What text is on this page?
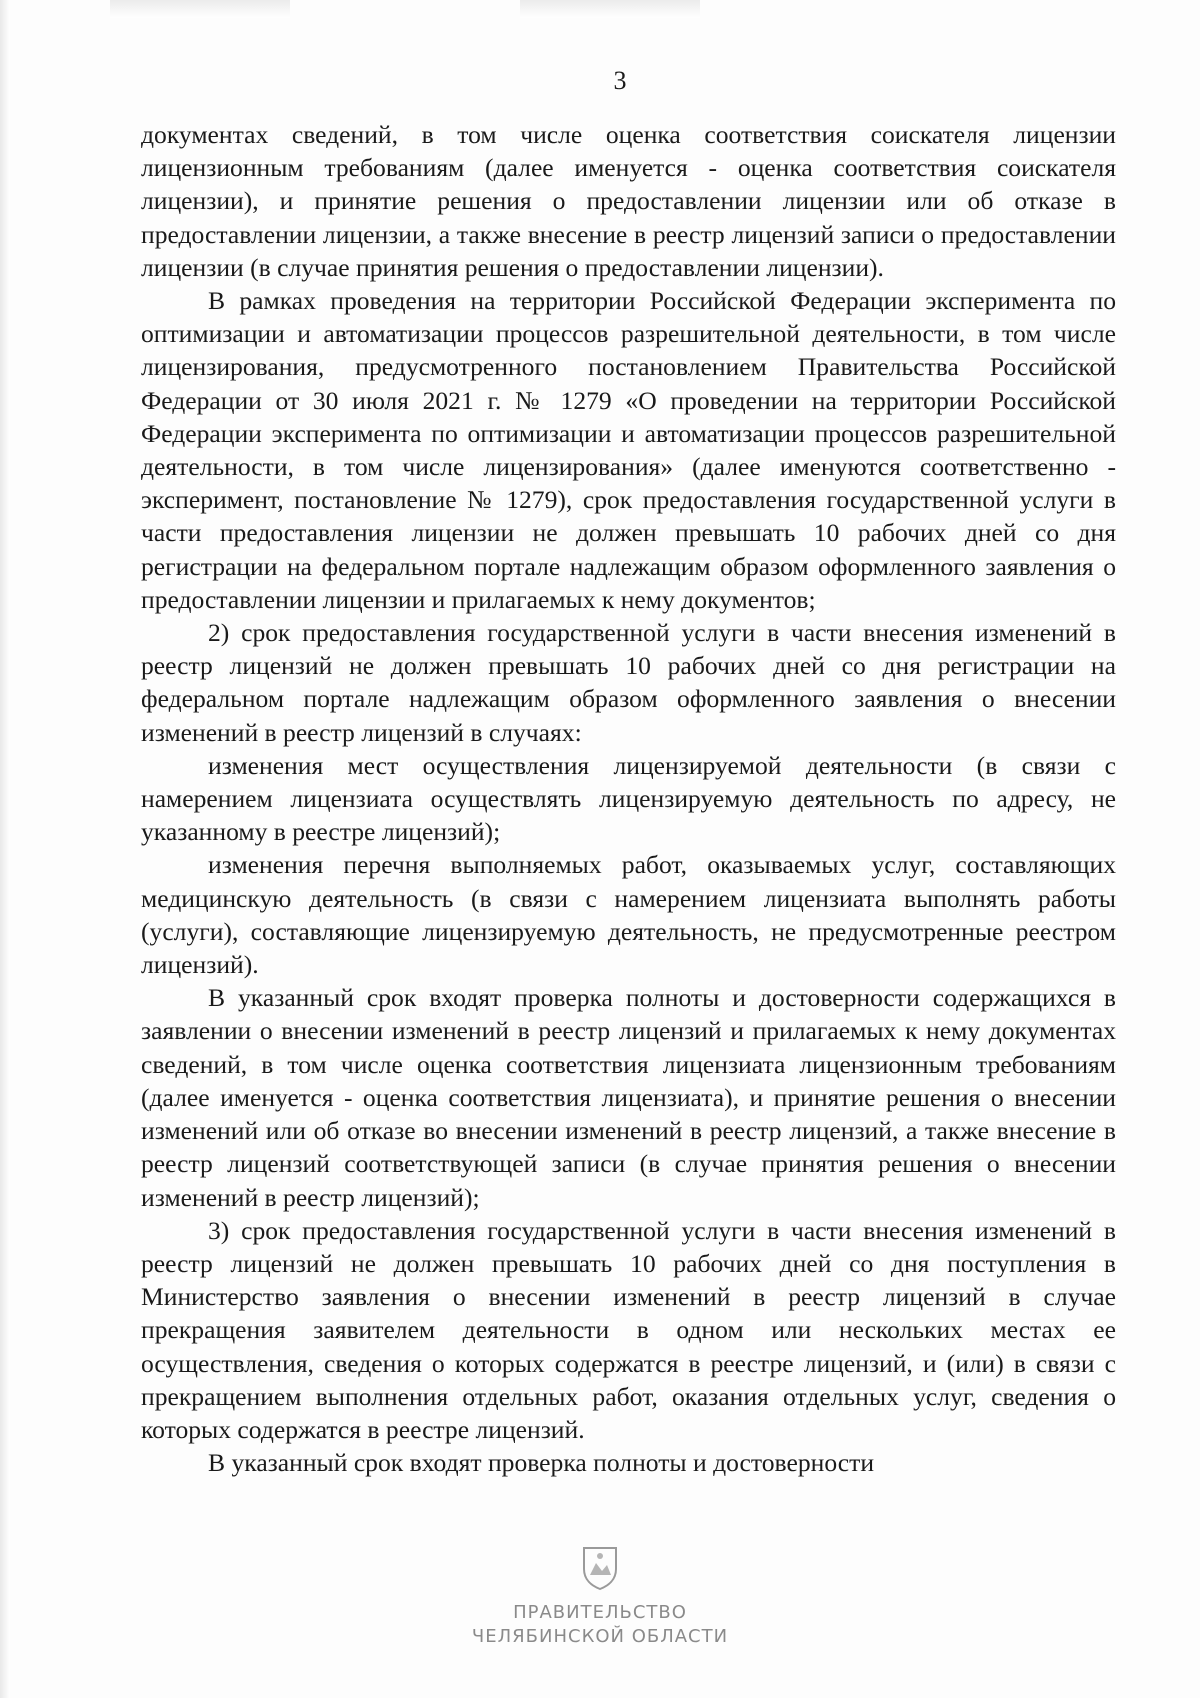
3

документах сведений, в том числе оценка соответствия соискателя лицензии лицензионным требованиям (далее именуется - оценка соответствия соискателя лицензии), и принятие решения о предоставлении лицензии или об отказе в предоставлении лицензии, а также внесение в реестр лицензий записи о предоставлении лицензии (в случае принятия решения о предоставлении лицензии).

В рамках проведения на территории Российской Федерации эксперимента по оптимизации и автоматизации процессов разрешительной деятельности, в том числе лицензирования, предусмотренного постановлением Правительства Российской Федерации от 30 июля 2021 г. № 1279 «О проведении на территории Российской Федерации эксперимента по оптимизации и автоматизации процессов разрешительной деятельности, в том числе лицензирования» (далее именуются соответственно - эксперимент, постановление № 1279), срок предоставления государственной услуги в части предоставления лицензии не должен превышать 10 рабочих дней со дня регистрации на федеральном портале надлежащим образом оформленного заявления о предоставлении лицензии и прилагаемых к нему документов;

2) срок предоставления государственной услуги в части внесения изменений в реестр лицензий не должен превышать 10 рабочих дней со дня регистрации на федеральном портале надлежащим образом оформленного заявления о внесении изменений в реестр лицензий в случаях:

изменения мест осуществления лицензируемой деятельности (в связи с намерением лицензиата осуществлять лицензируемую деятельность по адресу, не указанному в реестре лицензий);

изменения перечня выполняемых работ, оказываемых услуг, составляющих медицинскую деятельность (в связи с намерением лицензиата выполнять работы (услуги), составляющие лицензируемую деятельность, не предусмотренные реестром лицензий).

В указанный срок входят проверка полноты и достоверности содержащихся в заявлении о внесении изменений в реестр лицензий и прилагаемых к нему документах сведений, в том числе оценка соответствия лицензиата лицензионным требованиям (далее именуется - оценка соответствия лицензиата), и принятие решения о внесении изменений или об отказе во внесении изменений в реестр лицензий, а также внесение в реестр лицензий соответствующей записи (в случае принятия решения о внесении изменений в реестр лицензий);

3) срок предоставления государственной услуги в части внесения изменений в реестр лицензий не должен превышать 10 рабочих дней со дня поступления в Министерство заявления о внесении изменений в реестр лицензий в случае прекращения заявителем деятельности в одном или нескольких местах ее осуществления, сведения о которых содержатся в реестре лицензий, и (или) в связи с прекращением выполнения отдельных работ, оказания отдельных услуг, сведения о которых содержатся в реестре лицензий.

В указанный срок входят проверка полноты и достоверности

ПРАВИТЕЛЬСТВО
ЧЕЛЯБИНСКОЙ ОБЛАСТИ
